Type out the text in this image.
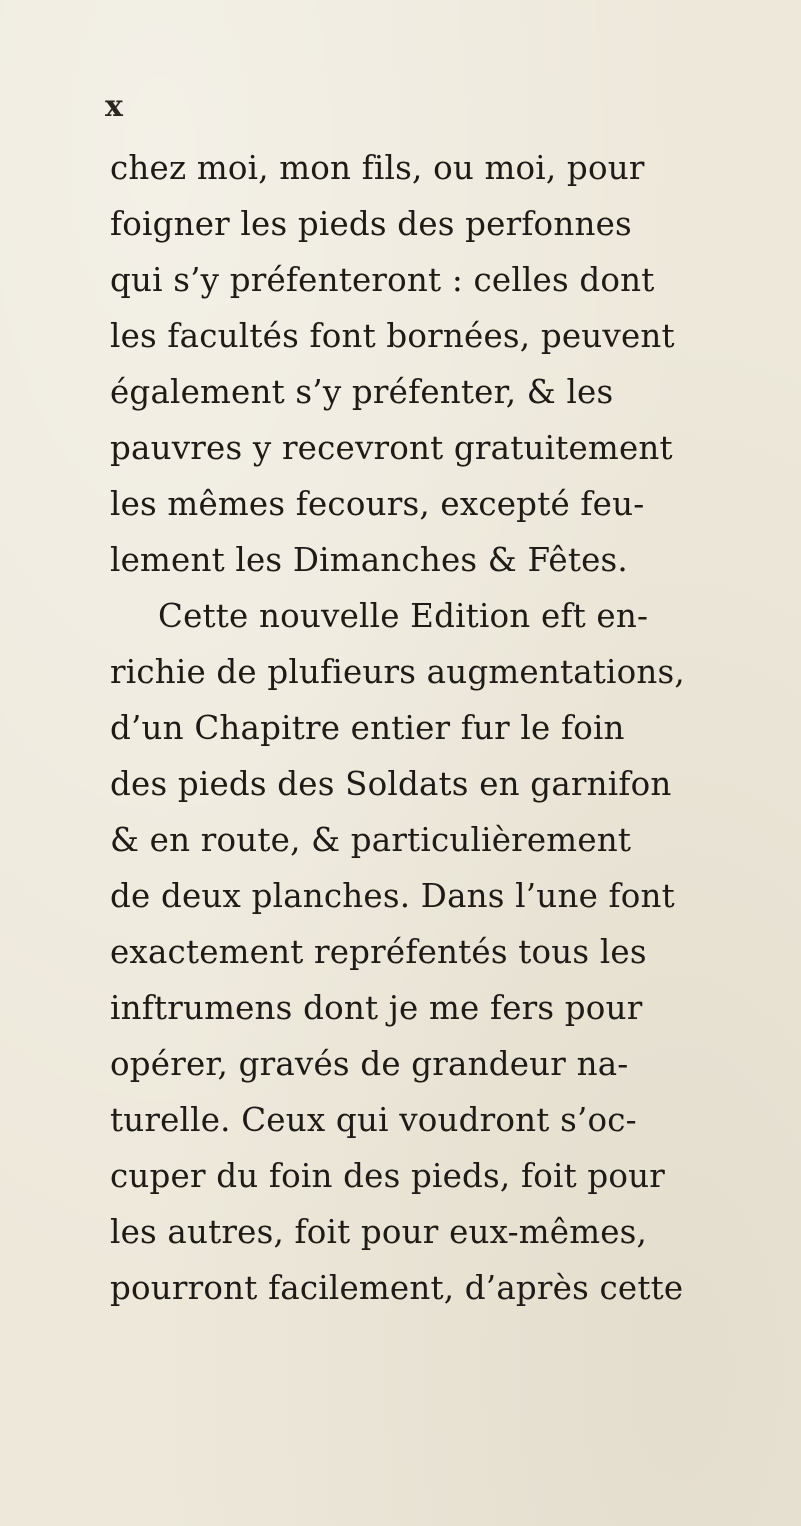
x
chez moi, mon fils, ou moi, pour
foigner les pieds des perfonnes
qui s’y préfenteront : celles dont
les facultés font bornées, peuvent
également s’y préfenter, & les
pauvres y recevront gratuitement
les mêmes fecours, excepté feu-
lement les Dimanches & Fêtes.
Cette nouvelle Edition eft en-
richie de plufieurs augmentations,
d’un Chapitre entier fur le foin
des pieds des Soldats en garnifon
& en route, & particulièrement
de deux planches. Dans l’une font
exactement repréfentés tous les
inftrumens dont je me fers pour
opérer, gravés de grandeur na-
turelle. Ceux qui voudront s’oc-
cuper du foin des pieds, foit pour
les autres, foit pour eux-mêmes,
pourront facilement, d’après cette
